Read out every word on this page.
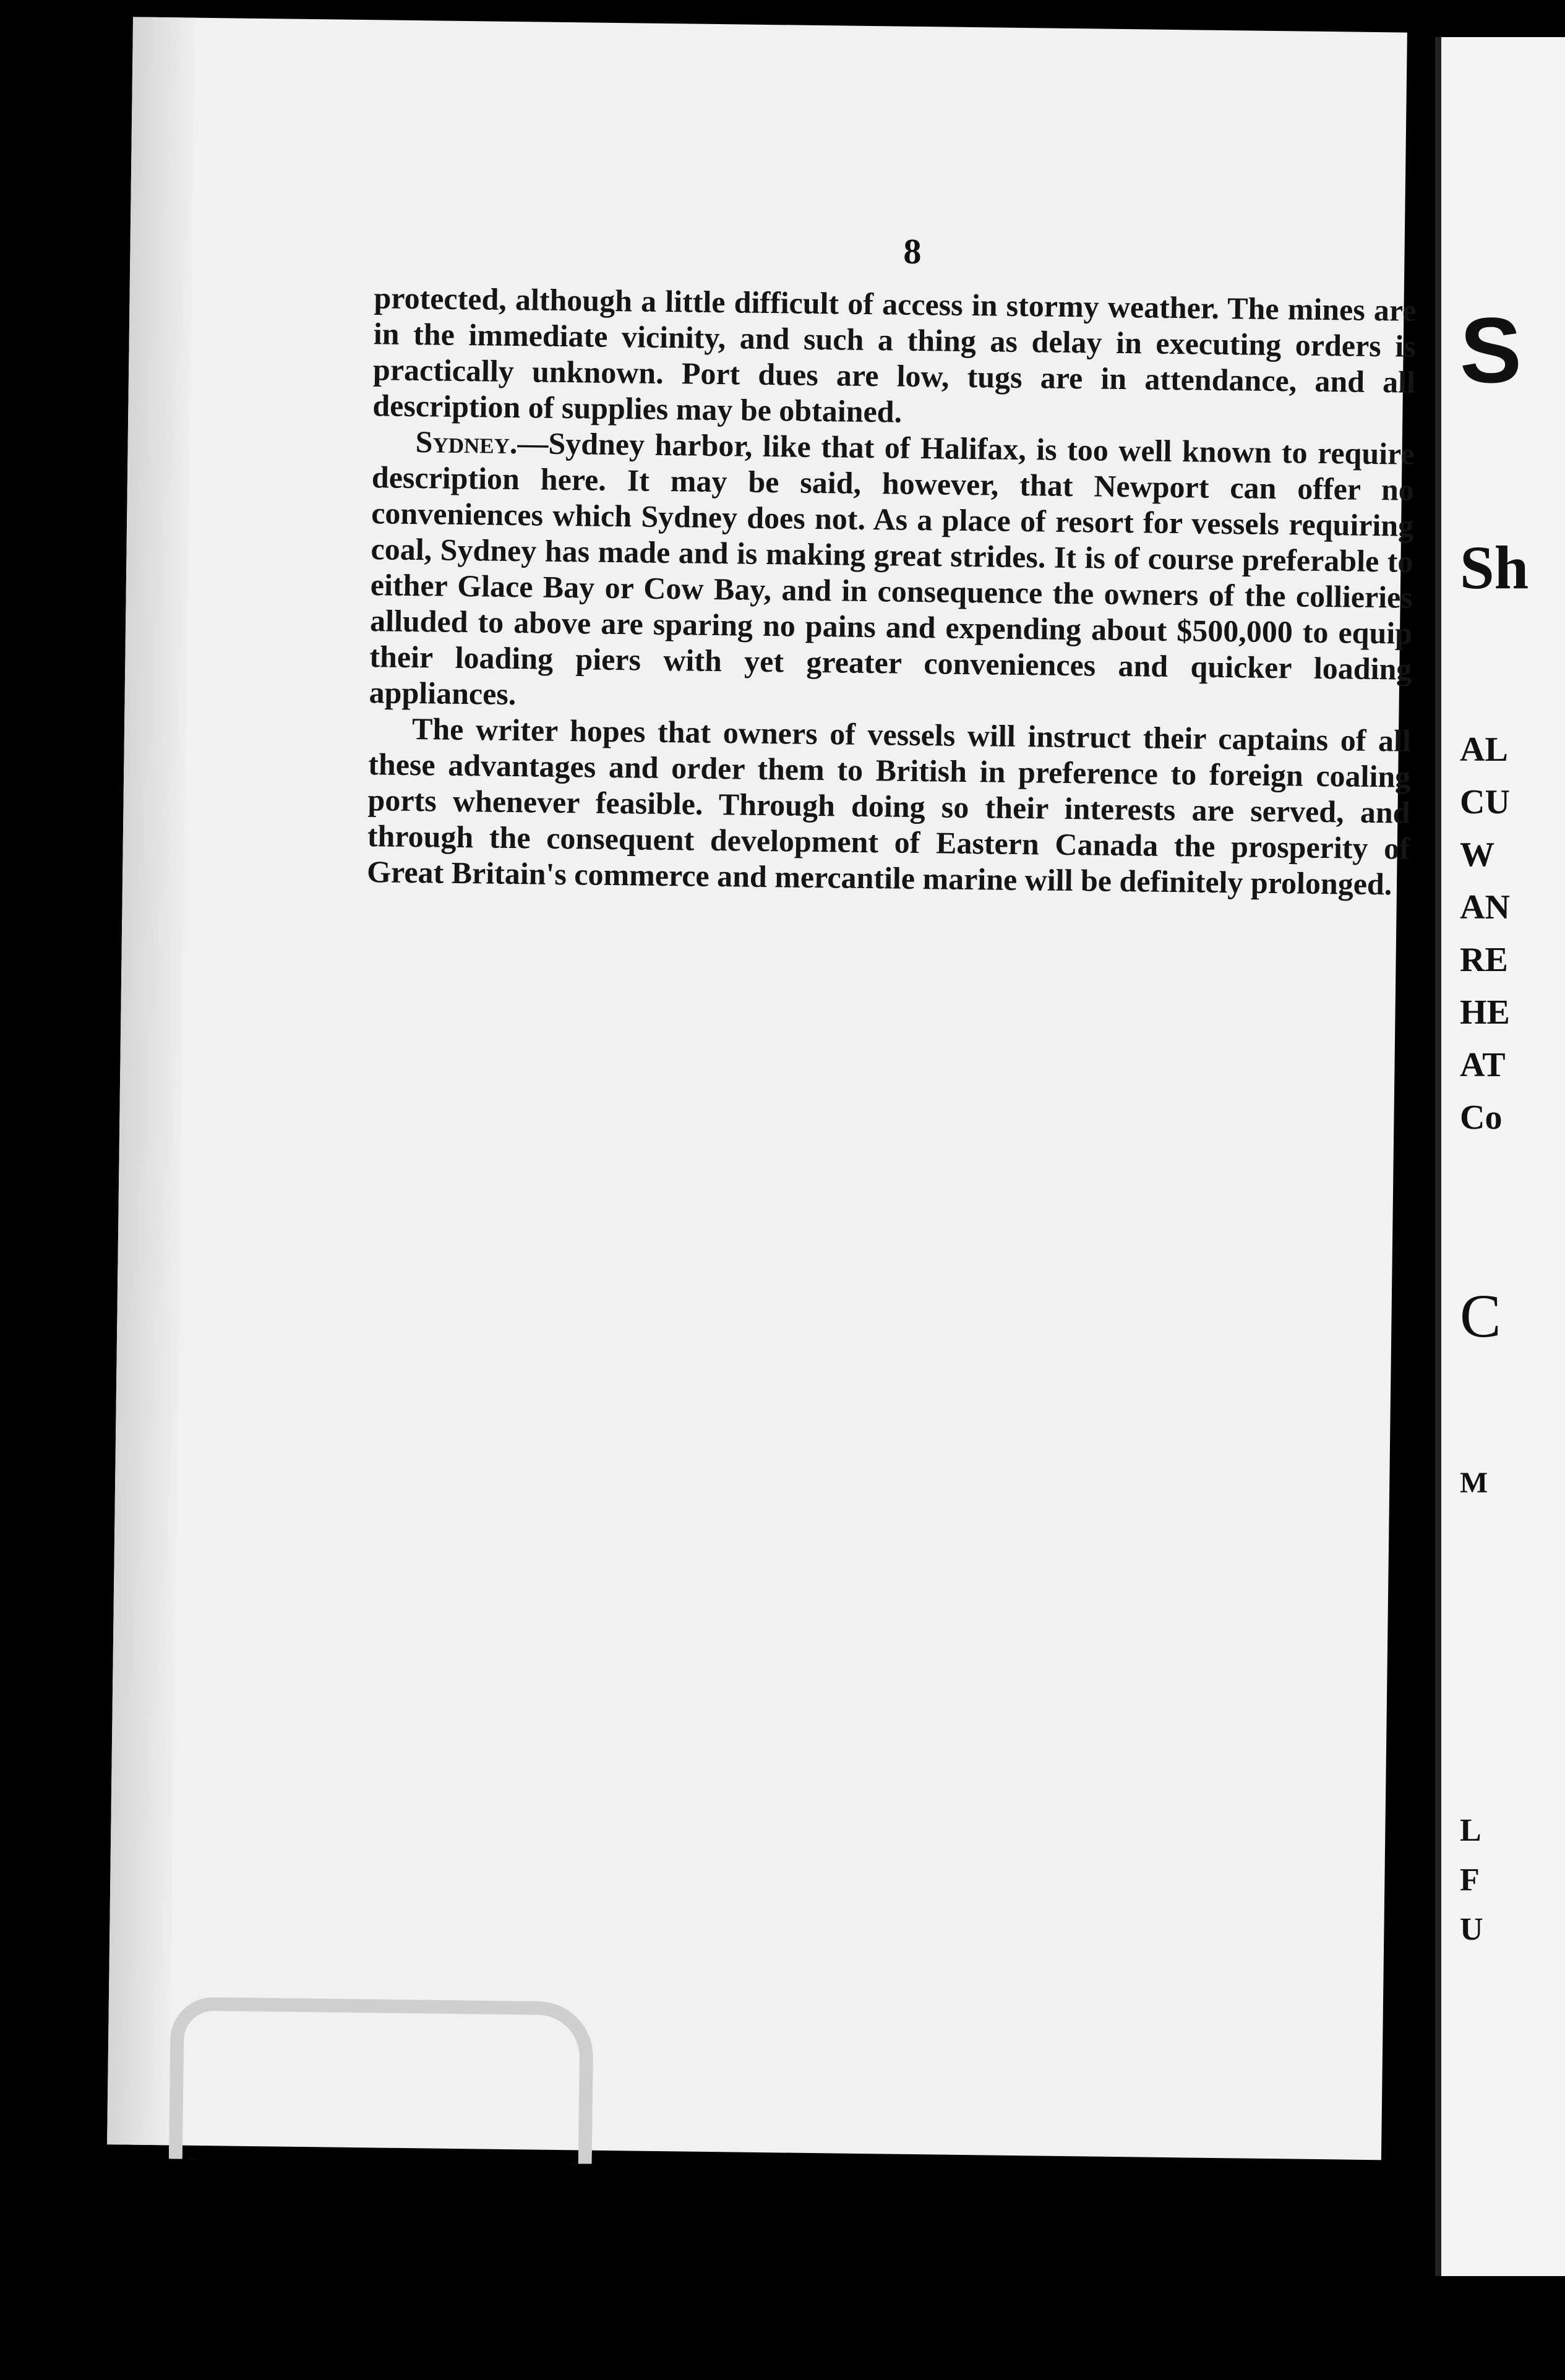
8

protected, although a little difficult of access in stormy weather. The mines are in the immediate vicinity, and such a thing as delay in executing orders is practically unknown. Port dues are low, tugs are in attendance, and all description of supplies may be obtained.

Sydney.—Sydney harbor, like that of Halifax, is too well known to require description here. It may be said, however, that Newport can offer no conveniences which Sydney does not. As a place of resort for vessels requiring coal, Sydney has made and is making great strides. It is of course preferable to either Glace Bay or Cow Bay, and in consequence the owners of the collieries alluded to above are sparing no pains and expending about $500,000 to equip their loading piers with yet greater conveniences and quicker loading appliances.

The writer hopes that owners of vessels will instruct their captains of all these advantages and order them to British in preference to foreign coaling ports whenever feasible. Through doing so their interests are served, and through the consequent development of Eastern Canada the prosperity of Great Britain's commerce and mercantile marine will be definitely prolonged.

S
Sh
AL
CU
W
AN
RE
HE
AT
Co
C
M
L
F
U
